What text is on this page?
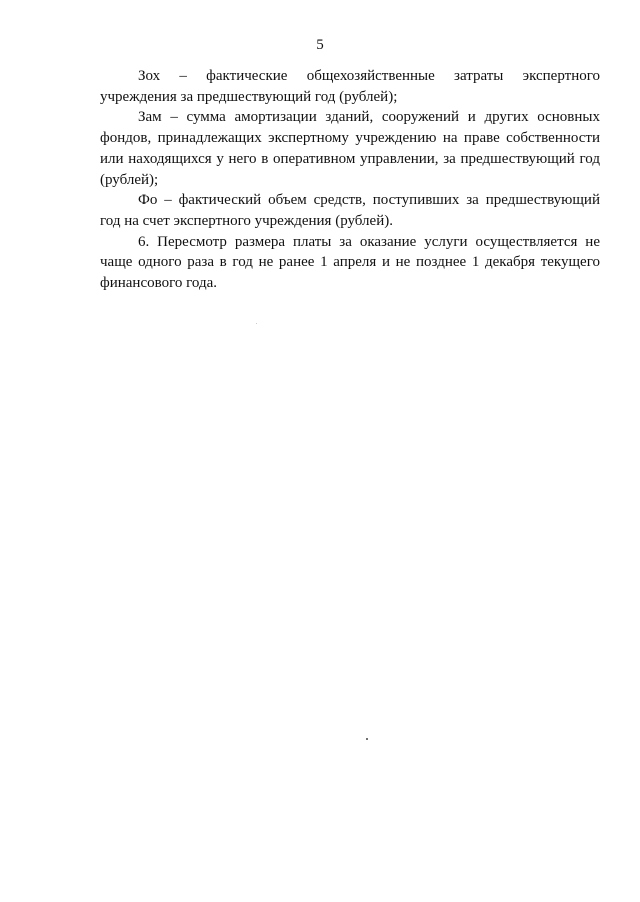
5

Зох – фактические общехозяйственные затраты экспертного учреждения за предшествующий год (рублей);

Зам – сумма амортизации зданий, сооружений и других основных фондов, принадлежащих экспертному учреждению на праве собственности или находящихся у него в оперативном управлении, за предшествующий год (рублей);

Фо – фактический объем средств, поступивших за предшествующий год на счет экспертного учреждения (рублей).

6. Пересмотр размера платы за оказание услуги осуществляется не чаще одного раза в год не ранее 1 апреля и не позднее 1 декабря текущего финансового года.
